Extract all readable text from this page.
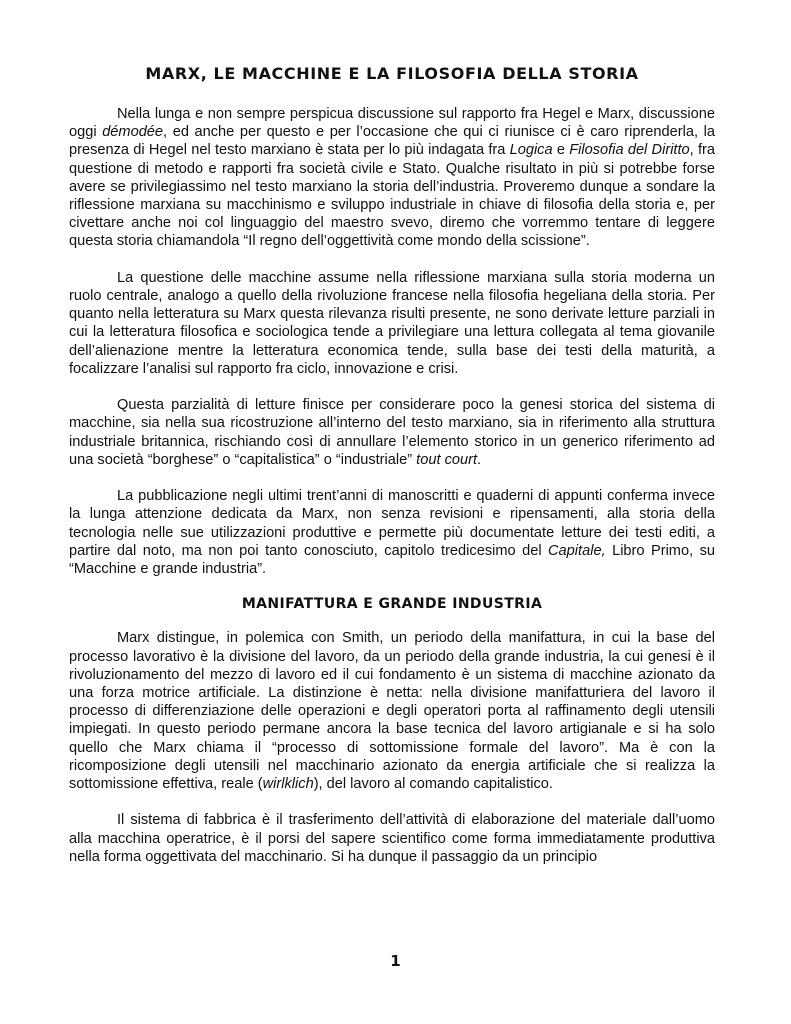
MARX, LE MACCHINE E LA FILOSOFIA DELLA STORIA

Nella lunga e non sempre perspicua discussione sul rapporto fra Hegel e Marx, discussione oggi démodée, ed anche per questo e per l’occasione che qui ci riunisce ci è caro riprenderla, la presenza di Hegel nel testo marxiano è stata per lo più indagata fra Logica e Filosofia del Diritto, fra questione di metodo e rapporti fra società civile e Stato. Qualche risultato in più si potrebbe forse avere se privilegiassimo nel testo marxiano la storia dell’industria. Proveremo dunque a sondare la riflessione marxiana su macchinismo e sviluppo industriale in chiave di filosofia della storia e, per civettare anche noi col linguaggio del maestro svevo, diremo che vorremmo tentare di leggere questa storia chiamandola “Il regno dell’oggettività come mondo della scissione”.

La questione delle macchine assume nella riflessione marxiana sulla storia moderna un ruolo centrale, analogo a quello della rivoluzione francese nella filosofia hegeliana della storia. Per quanto nella letteratura su Marx questa rilevanza risulti presente, ne sono derivate letture parziali in cui la letteratura filosofica e sociologica tende a privilegiare una lettura collegata al tema giovanile dell’alienazione mentre la letteratura economica tende, sulla base dei testi della maturità, a focalizzare l’analisi sul rapporto fra ciclo, innovazione e crisi.

Questa parzialità di letture finisce per considerare poco la genesi storica del sistema di macchine, sia nella sua ricostruzione all’interno del testo marxiano, sia in riferimento alla struttura industriale britannica, rischiando così di annullare l’elemento storico in un generico riferimento ad una società “borghese” o “capitalistica” o “industriale” tout court.

La pubblicazione negli ultimi trent’anni di manoscritti e quaderni di appunti conferma invece la lunga attenzione dedicata da Marx, non senza revisioni e ripensamenti, alla storia della tecnologia nelle sue utilizzazioni produttive e permette più documentate letture dei testi editi, a partire dal noto, ma non poi tanto conosciuto, capitolo tredicesimo del Capitale, Libro Primo, su “Macchine e grande industria”.

MANIFATTURA E GRANDE INDUSTRIA

Marx distingue, in polemica con Smith, un periodo della manifattura, in cui la base del processo lavorativo è la divisione del lavoro, da un periodo della grande industria, la cui genesi è il rivoluzionamento del mezzo di lavoro ed il cui fondamento è un sistema di macchine azionato da una forza motrice artificiale. La distinzione è netta: nella divisione manifatturiera del lavoro il processo di differenziazione delle operazioni e degli operatori porta al raffinamento degli utensili impiegati. In questo periodo permane ancora la base tecnica del lavoro artigianale e si ha solo quello che Marx chiama il “processo di sottomissione formale del lavoro”. Ma è con la ricomposizione degli utensili nel macchinario azionato da energia artificiale che si realizza la sottomissione effettiva, reale (wirlklich), del lavoro al comando capitalistico.

Il sistema di fabbrica è il trasferimento dell’attività di elaborazione del materiale dall’uomo alla macchina operatrice, è il porsi del sapere scientifico come forma immediatamente produttiva nella forma oggettivata del macchinario. Si ha dunque il passaggio da un principio

1
